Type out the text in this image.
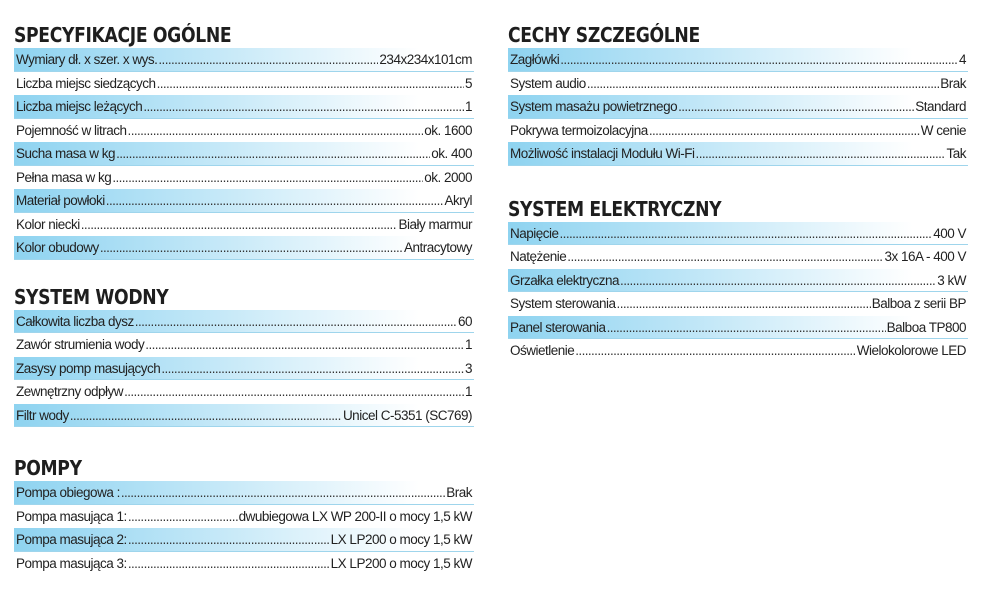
SPECYFIKACJE OGÓLNE
Wymiary dł. x szer. x wys. .....	234x234x101cm
Liczba miejsc siedzących .....	5
Liczba miejsc leżących .....	1
Pojemność w litrach .....	ok. 1600
Sucha masa w kg .....	ok. 400
Pełna masa w kg .....	ok. 2000
Materiał powłoki .....	Akryl
Kolor niecki .....	Biały marmur
Kolor obudowy .....	Antracytowy
SYSTEM WODNY
Całkowita liczba dysz .....	60
Zawór strumienia wody .....	1
Zasysy pomp masujących .....	3
Zewnętrzny odpływ .....	1
Filtr wody .....	Unicel C-5351 (SC769)
POMPY
Pompa obiegowa : .....	Brak
Pompa masująca 1: .....	dwubiegowa LX WP 200-II o mocy 1,5 kW
Pompa masująca 2: .....	LX LP200 o mocy 1,5 kW
Pompa masująca 3: .....	LX LP200 o mocy 1,5 kW
CECHY SZCZEGÓLNE
Zagłówki .....	4
System audio .....	Brak
System masażu powietrznego .....	Standard
Pokrywa termoizolacyjna .....	W cenie
Możliwość instalacji Modułu Wi-Fi .....	Tak
SYSTEM ELEKTRYCZNY
Napięcie .....	400 V
Natężenie .....	3x 16A - 400 V
Grzałka elektryczna .....	3 kW
System sterowania .....	Balboa z serii BP
Panel sterowania .....	Balboa TP800
Oświetlenie .....	Wielokolorowe LED
